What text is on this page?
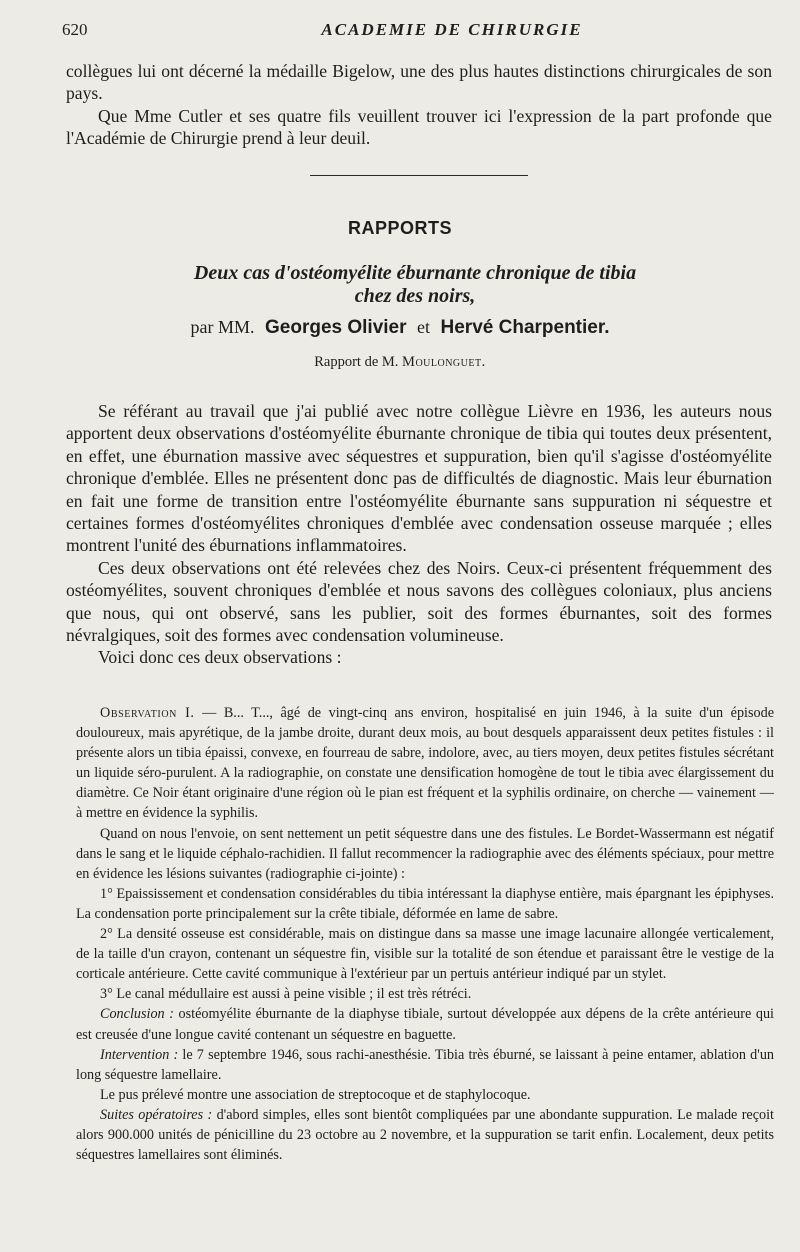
620	ACADEMIE DE CHIRURGIE

collègues lui ont décerné la médaille Bigelow, une des plus hautes distinctions chirurgicales de son pays.

Que Mme Cutler et ses quatre fils veuillent trouver ici l'expression de la part profonde que l'Académie de Chirurgie prend à leur deuil.

RAPPORTS
Deux cas d'ostéomyélite éburnante chronique de tibia
chez des noirs,
par MM. Georges Olivier et Hervé Charpentier.
Rapport de M. Moulonguet.

Se référant au travail que j'ai publié avec notre collègue Lièvre en 1936, les auteurs nous apportent deux observations d'ostéomyélite éburnante chronique de tibia qui toutes deux présentent, en effet, une éburnation massive avec séquestres et suppuration, bien qu'il s'agisse d'ostéomyélite chronique d'emblée. Elles ne présentent donc pas de difficultés de diagnostic. Mais leur éburnation en fait une forme de transition entre l'ostéomyélite éburnante sans suppuration ni séquestre et certaines formes d'ostéomyélites chroniques d'emblée avec condensation osseuse marquée ; elles montrent l'unité des éburnations inflammatoires.

Ces deux observations ont été relevées chez des Noirs. Ceux-ci présentent fréquemment des ostéomyélites, souvent chroniques d'emblée et nous savons des collègues coloniaux, plus anciens que nous, qui ont observé, sans les publier, soit des formes éburnantes, soit des formes névralgiques, soit des formes avec condensation volumineuse.

Voici donc ces deux observations :

Observation I. — B... T..., âgé de vingt-cinq ans environ, hospitalisé en juin 1946, à la suite d'un épisode douloureux, mais apyrétique, de la jambe droite, durant deux mois, au bout desquels apparaissent deux petites fistules : il présente alors un tibia épaissi, convexe, en fourreau de sabre, indolore, avec, au tiers moyen, deux petites fistules sécrétant un liquide séro-purulent. A la radiographie, on constate une densification homogène de tout le tibia avec élargissement du diamètre. Ce Noir étant originaire d'une région où le pian est fréquent et la syphilis ordinaire, on cherche — vainement — à mettre en évidence la syphilis.

Quand on nous l'envoie, on sent nettement un petit séquestre dans une des fistules. Le Bordet-Wassermann est négatif dans le sang et le liquide céphalo-rachidien. Il fallut recommencer la radiographie avec des éléments spéciaux, pour mettre en évidence les lésions suivantes (radiographie ci-jointe) :

1° Epaississement et condensation considérables du tibia intéressant la diaphyse entière, mais épargnant les épiphyses. La condensation porte principalement sur la crête tibiale, déformée en lame de sabre.

2° La densité osseuse est considérable, mais on distingue dans sa masse une image lacunaire allongée verticalement, de la taille d'un crayon, contenant un séquestre fin, visible sur la totalité de son étendue et paraissant être le vestige de la corticale antérieure. Cette cavité communique à l'extérieur par un pertuis antérieur indiqué par un stylet.

3° Le canal médullaire est aussi à peine visible ; il est très rétréci.

Conclusion : ostéomyélite éburnante de la diaphyse tibiale, surtout développée aux dépens de la crête antérieure qui est creusée d'une longue cavité contenant un séquestre en baguette.

Intervention : le 7 septembre 1946, sous rachi-anesthésie. Tibia très éburné, se laissant à peine entamer, ablation d'un long séquestre lamellaire.

Le pus prélevé montre une association de streptocoque et de staphylocoque.

Suites opératoires : d'abord simples, elles sont bientôt compliquées par une abondante suppuration. Le malade reçoit alors 900.000 unités de pénicilline du 23 octobre au 2 novembre, et la suppuration se tarit enfin. Localement, deux petits séquestres lamellaires sont éliminés.
